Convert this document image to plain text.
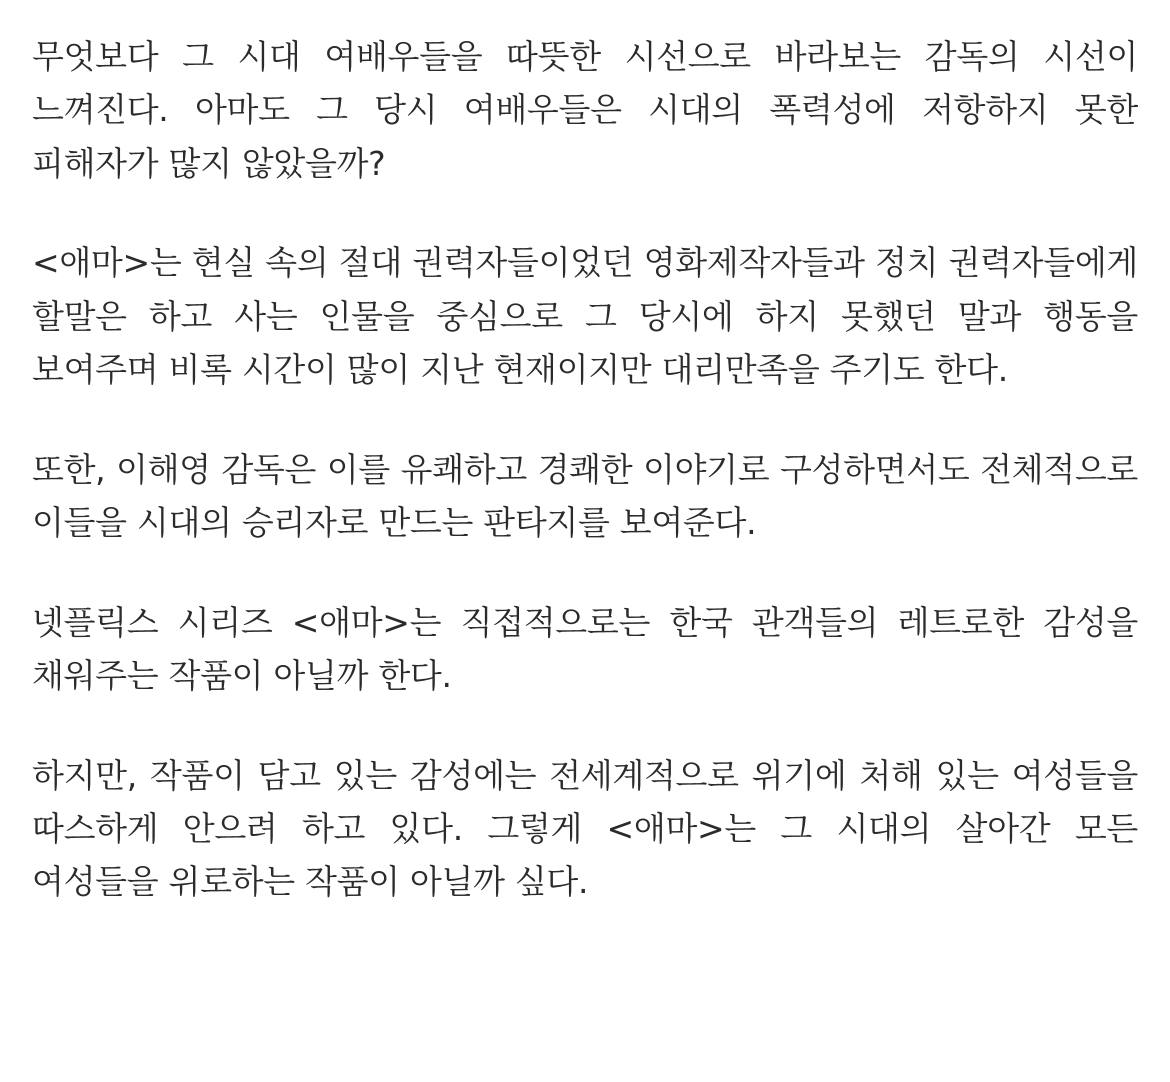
무엇보다 그 시대 여배우들을 따뜻한 시선으로 바라보는 감독의 시선이 느껴진다. 아마도 그 당시 여배우들은 시대의 폭력성에 저항하지 못한 피해자가 많지 않았을까?

<애마>는 현실 속의 절대 권력자들이었던 영화제작자들과 정치 권력자들에게 할말은 하고 사는 인물을 중심으로 그 당시에 하지 못했던 말과 행동을 보여주며 비록 시간이 많이 지난 현재이지만 대리만족을 주기도 한다.

또한, 이해영 감독은 이를 유쾌하고 경쾌한 이야기로 구성하면서도 전체적으로 이들을 시대의 승리자로 만드는 판타지를 보여준다.

넷플릭스 시리즈 <애마>는 직접적으로는 한국 관객들의 레트로한 감성을 채워주는 작품이 아닐까 한다.

하지만, 작품이 담고 있는 감성에는 전세계적으로 위기에 처해 있는 여성들을 따스하게 안으려 하고 있다. 그렇게 <애마>는 그 시대의 살아간 모든 여성들을 위로하는 작품이 아닐까 싶다.
